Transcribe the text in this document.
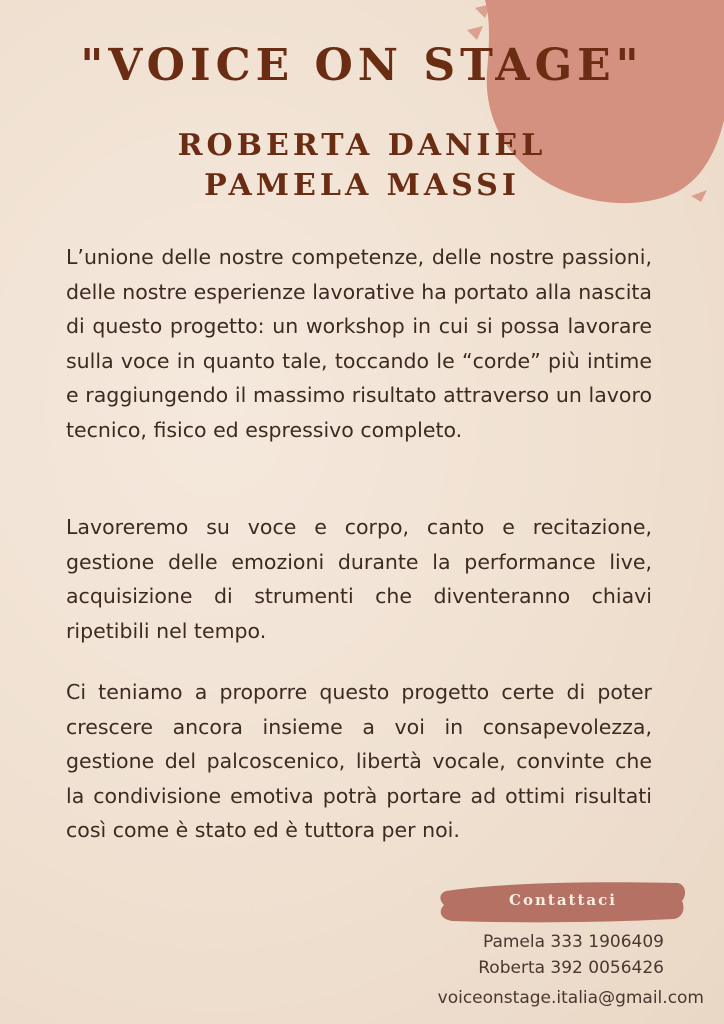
"VOICE ON STAGE"
ROBERTA DANIEL
PAMELA MASSI

L’unione delle nostre competenze, delle nostre passioni, delle nostre esperienze lavorative ha portato alla nascita di questo progetto: un workshop in cui si possa lavorare sulla voce in quanto tale, toccando le “corde” più intime e raggiungendo il massimo risultato attraverso un lavoro tecnico, fisico ed espressivo completo.

Lavoreremo su voce e corpo, canto e recitazione, gestione delle emozioni durante la performance live, acquisizione di strumenti che diventeranno chiavi ripetibili nel tempo.

Ci teniamo a proporre questo progetto certe di poter crescere ancora insieme a voi in consapevolezza, gestione del palcoscenico, libertà vocale, convinte che la condivisione emotiva potrà portare ad ottimi risultati così come è stato ed è tuttora per noi.

Contattaci

Pamela 333 1906409

Roberta 392 0056426

voiceonstage.italia@gmail.com
